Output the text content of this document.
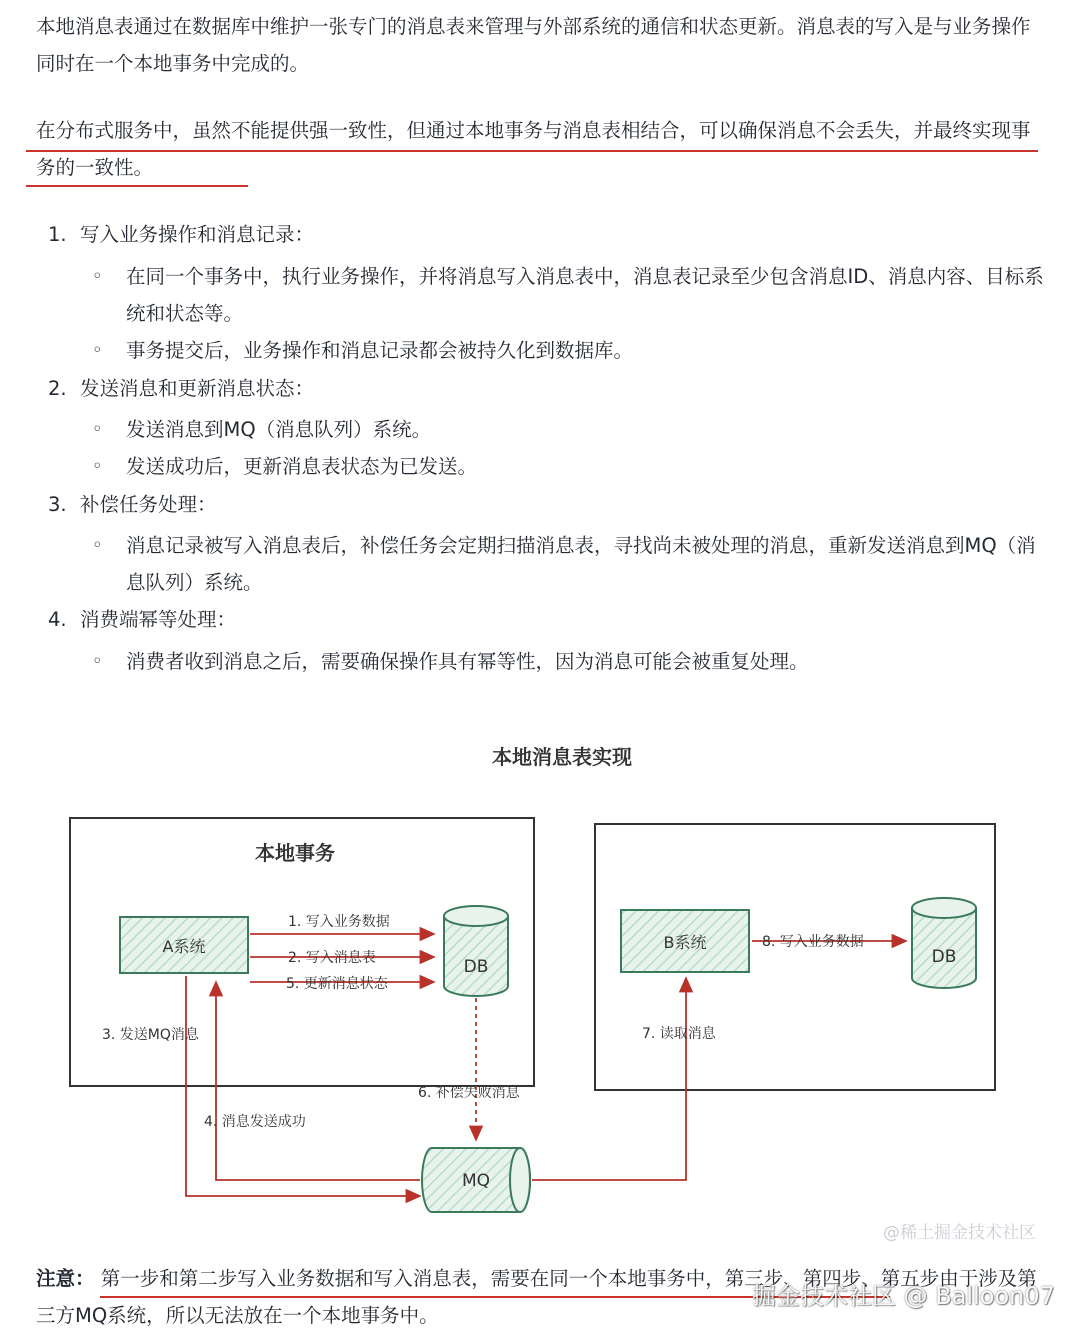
本地消息表通过在数据库中维护一张专门的消息表来管理与外部系统的通信和状态更新。消息表的写入是与业务操作同时在一个本地事务中完成的。

在分布式服务中，虽然不能提供强一致性，但通过本地事务与消息表相结合，可以确保消息不会丢失，并最终实现事务的一致性。

1. 写入业务操作和消息记录：
◦ 在同一个事务中，执行业务操作，并将消息写入消息表中，消息表记录至少包含消息ID、消息内容、目标系统和状态等。
◦ 事务提交后，业务操作和消息记录都会被持久化到数据库。
2. 发送消息和更新消息状态：
◦ 发送消息到MQ（消息队列）系统。
◦ 发送成功后，更新消息表状态为已发送。
3. 补偿任务处理：
◦ 消息记录被写入消息表后，补偿任务会定期扫描消息表，寻找尚未被处理的消息，重新发送消息到MQ（消息队列）系统。
4. 消费端幂等处理：
◦ 消费者收到消息之后，需要确保操作具有幂等性，因为消息可能会被重复处理。
本地消息表实现
本地事务
A系统
DB
B系统
DB
MQ
1. 写入业务数据
2. 写入消息表
5. 更新消息状态
3. 发送MQ消息
4. 消息发送成功
6. 补偿失败消息
7. 读取消息
8. 写入业务数据
@稀土掘金技术社区

注意： 第一步和第二步写入业务数据和写入消息表，需要在同一个本地事务中，第三步、第四步、第五步由于涉及第三方MQ系统，所以无法放在一个本地事务中。

掘金技术社区 @ Balloon07
